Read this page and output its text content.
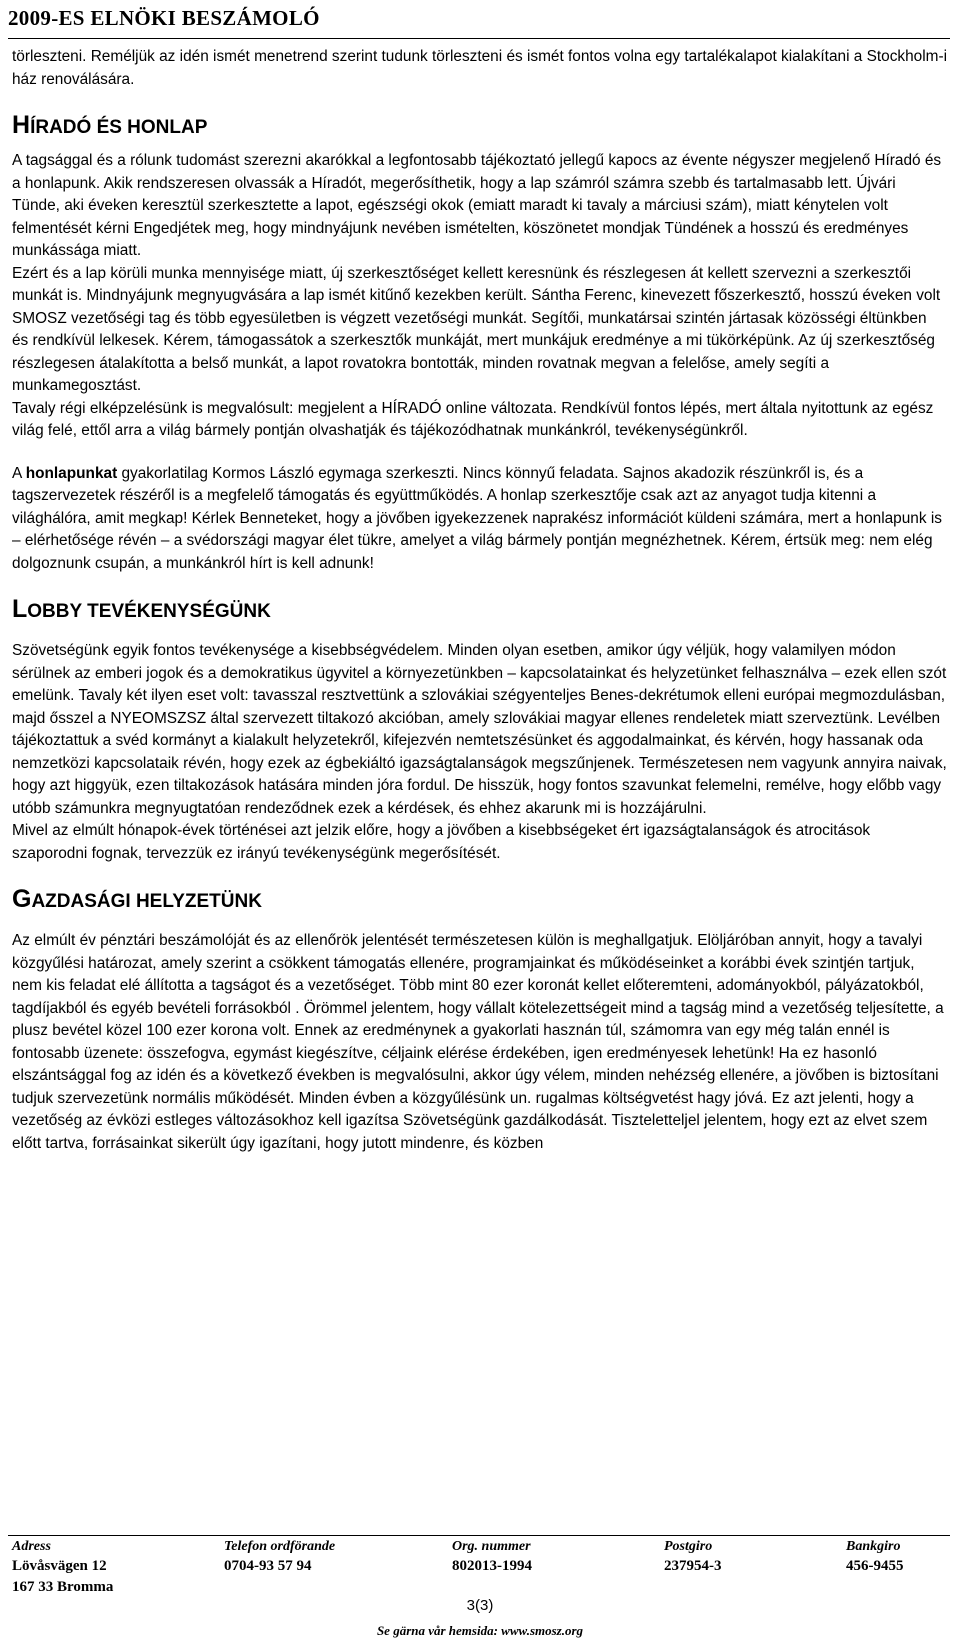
2009-ES ELNÖKI BESZÁMOLÓ

törleszteni. Reméljük az idén ismét menetrend szerint tudunk törleszteni és ismét fontos volna egy tartalékalapot kialakítani a Stockholm-i ház renoválására.

HÍRADÓ ÉS HONLAP

A tagsággal és a rólunk tudomást szerezni akarókkal a legfontosabb tájékoztató jellegű kapocs az évente négyszer megjelenő Híradó és a honlapunk. Akik rendszeresen olvassák a Híradót, megerősíthetik, hogy a lap számról számra szebb és tartalmasabb lett. Újvári Tünde, aki éveken keresztül szerkesztette a lapot, egészségi okok (emiatt maradt ki tavaly a márciusi szám), miatt kénytelen volt felmentését kérni Engedjétek meg, hogy mindnyájunk nevében ismételten, köszönetet mondjak Tündének a hosszú és eredményes munkássága miatt.

Ezért és a lap körüli munka mennyisége miatt, új szerkesztőséget kellett keresnünk és részlegesen át kellett szervezni a szerkesztői munkát is. Mindnyájunk megnyugvására a lap ismét kitűnő kezekben került. Sántha Ferenc, kinevezett főszerkesztő, hosszú éveken volt SMOSZ vezetőségi tag és több egyesületben is végzett vezetőségi munkát. Segítői, munkatársai szintén jártasak közösségi éltünkben és rendkívül lelkesek. Kérem, támogassátok a szerkesztők munkáját, mert munkájuk eredménye a mi tükörképünk. Az új szerkesztőség részlegesen átalakította a belső munkát, a lapot rovatokra bontották, minden rovatnak megvan a felelőse, amely segíti a munkamegosztást.

Tavaly régi elképzelésünk is megvalósult: megjelent a HÍRADÓ online változata. Rendkívül fontos lépés, mert általa nyitottunk az egész világ felé, ettől arra a világ bármely pontján olvashatják és tájékozódhatnak munkánkról, tevékenységünkről.

A honlapunkat gyakorlatilag Kormos László egymaga szerkeszti. Nincs könnyű feladata. Sajnos akadozik részünkről is, és a tagszervezetek részéről is a megfelelő támogatás és együttműködés. A honlap szerkesztője csak azt az anyagot tudja kitenni a világhálóra, amit megkap! Kérlek Benneteket, hogy a jövőben igyekezzenek naprakész információt küldeni számára, mert a honlapunk is – elérhetősége révén – a svédországi magyar élet tükre, amelyet a világ bármely pontján megnézhetnek. Kérem, értsük meg: nem elég dolgoznunk csupán, a munkánkról hírt is kell adnunk!

LOBBY TEVÉKENYSÉGÜNK

Szövetségünk egyik fontos tevékenysége a kisebbségvédelem. Minden olyan esetben, amikor úgy véljük, hogy valamilyen módon sérülnek az emberi jogok és a demokratikus ügyvitel a környezetünkben – kapcsolatainkat és helyzetünket felhasználva – ezek ellen szót emelünk. Tavaly két ilyen eset volt: tavasszal resztvettünk a szlovákiai szégyenteljes Benes-dekrétumok elleni európai megmozdulásban, majd ősszel a NYEOMSZSZ által szervezett tiltakozó akcióban, amely szlovákiai magyar ellenes rendeletek miatt szerveztünk. Levélben tájékoztattuk a svéd kormányt a kialakult helyzetekről, kifejezvén nemtetszésünket és aggodalmainkat, és kérvén, hogy hassanak oda nemzetközi kapcsolataik révén, hogy ezek az égbekiáltó igazságtalanságok megszűnjenek. Természetesen nem vagyunk annyira naivak, hogy azt higgyük, ezen tiltakozások hatására minden jóra fordul. De hisszük, hogy fontos szavunkat felemelni, remélve, hogy előbb vagy utóbb számunkra megnyugtatóan rendeződnek ezek a kérdések, és ehhez akarunk mi is hozzájárulni.

Mivel az elmúlt hónapok-évek történései azt jelzik előre, hogy a jövőben a kisebbségeket ért igazságtalanságok és atrocitások szaporodni fognak, tervezzük ez irányú tevékenységünk megerősítését.

GAZDASÁGI HELYZETÜNK

Az elmúlt év pénztári beszámolóját és az ellenőrök jelentését természetesen külön is meghallgatjuk. Elöljáróban annyit, hogy a tavalyi közgyűlési határozat, amely szerint a csökkent támogatás ellenére, programjainkat és működéseinket a korábbi évek szintjén tartjuk, nem kis feladat elé állította a tagságot és a vezetőséget. Több mint 80 ezer koronát kellet előteremteni, adományokból, pályázatokból, tagdíjakból és egyéb bevételi forrásokból . Örömmel jelentem, hogy vállalt kötelezettségeit mind a tagság mind a vezetőség teljesítette, a plusz bevétel közel 100 ezer korona volt. Ennek az eredménynek a gyakorlati hasznán túl, számomra van egy még talán ennél is fontosabb üzenete: összefogva, egymást kiegészítve, céljaink elérése érdekében, igen eredményesek lehetünk! Ha ez hasonló elszántsággal fog az idén és a következő években is megvalósulni, akkor úgy vélem, minden nehézség ellenére, a jövőben is biztosítani tudjuk szervezetünk normális működését. Minden évben a közgyűlésünk un. rugalmas költségvetést hagy jóvá. Ez azt jelenti, hogy a vezetőség az évközi estleges változásokhoz kell igazítsa Szövetségünk gazdálkodását. Tiszteletteljel jelentem, hogy ezt az elvet szem előtt tartva, forrásainkat sikerült úgy igazítani, hogy jutott mindenre, és közben

Adress
Lövåsvägen 12
167 33 Bromma
Telefon ordförande
0704-93 57 94
Org. nummer
802013-1994
Postgiro
237954-3
Bankgiro
456-9455
3(3)
Se gärna vår hemsida: www.smosz.org
